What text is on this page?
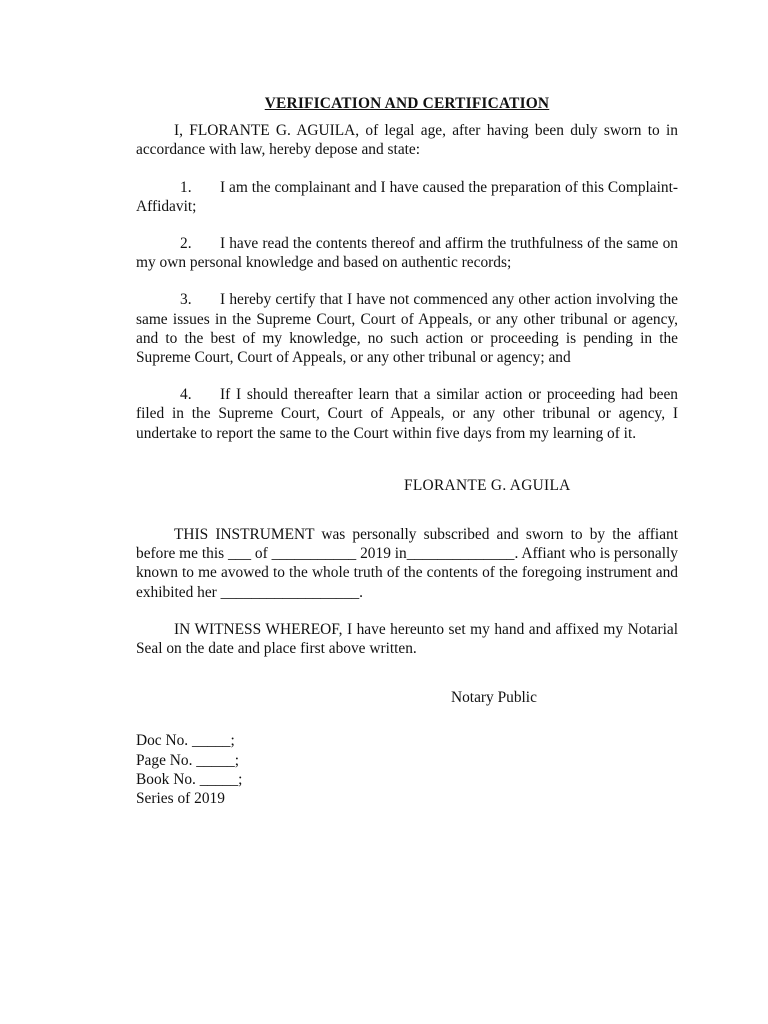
VERIFICATION AND CERTIFICATION
I, FLORANTE G. AGUILA, of legal age, after having been duly sworn to in accordance with law, hereby depose and state:
1. I am the complainant and I have caused the preparation of this Complaint-Affidavit;
2. I have read the contents thereof and affirm the truthfulness of the same on my own personal knowledge and based on authentic records;
3. I hereby certify that I have not commenced any other action involving the same issues in the Supreme Court, Court of Appeals, or any other tribunal or agency, and to the best of my knowledge, no such action or proceeding is pending in the Supreme Court, Court of Appeals, or any other tribunal or agency; and
4. If I should thereafter learn that a similar action or proceeding had been filed in the Supreme Court, Court of Appeals, or any other tribunal or agency, I undertake to report the same to the Court within five days from my learning of it.
FLORANTE G. AGUILA
THIS INSTRUMENT was personally subscribed and sworn to by the affiant before me this ___ of ___________ 2019 in______________. Affiant who is personally known to me avowed to the whole truth of the contents of the foregoing instrument and exhibited her __________________.
IN WITNESS WHEREOF, I have hereunto set my hand and affixed my Notarial Seal on the date and place first above written.
Notary Public
Doc No. _____;
Page No. _____;
Book No. _____;
Series of 2019
